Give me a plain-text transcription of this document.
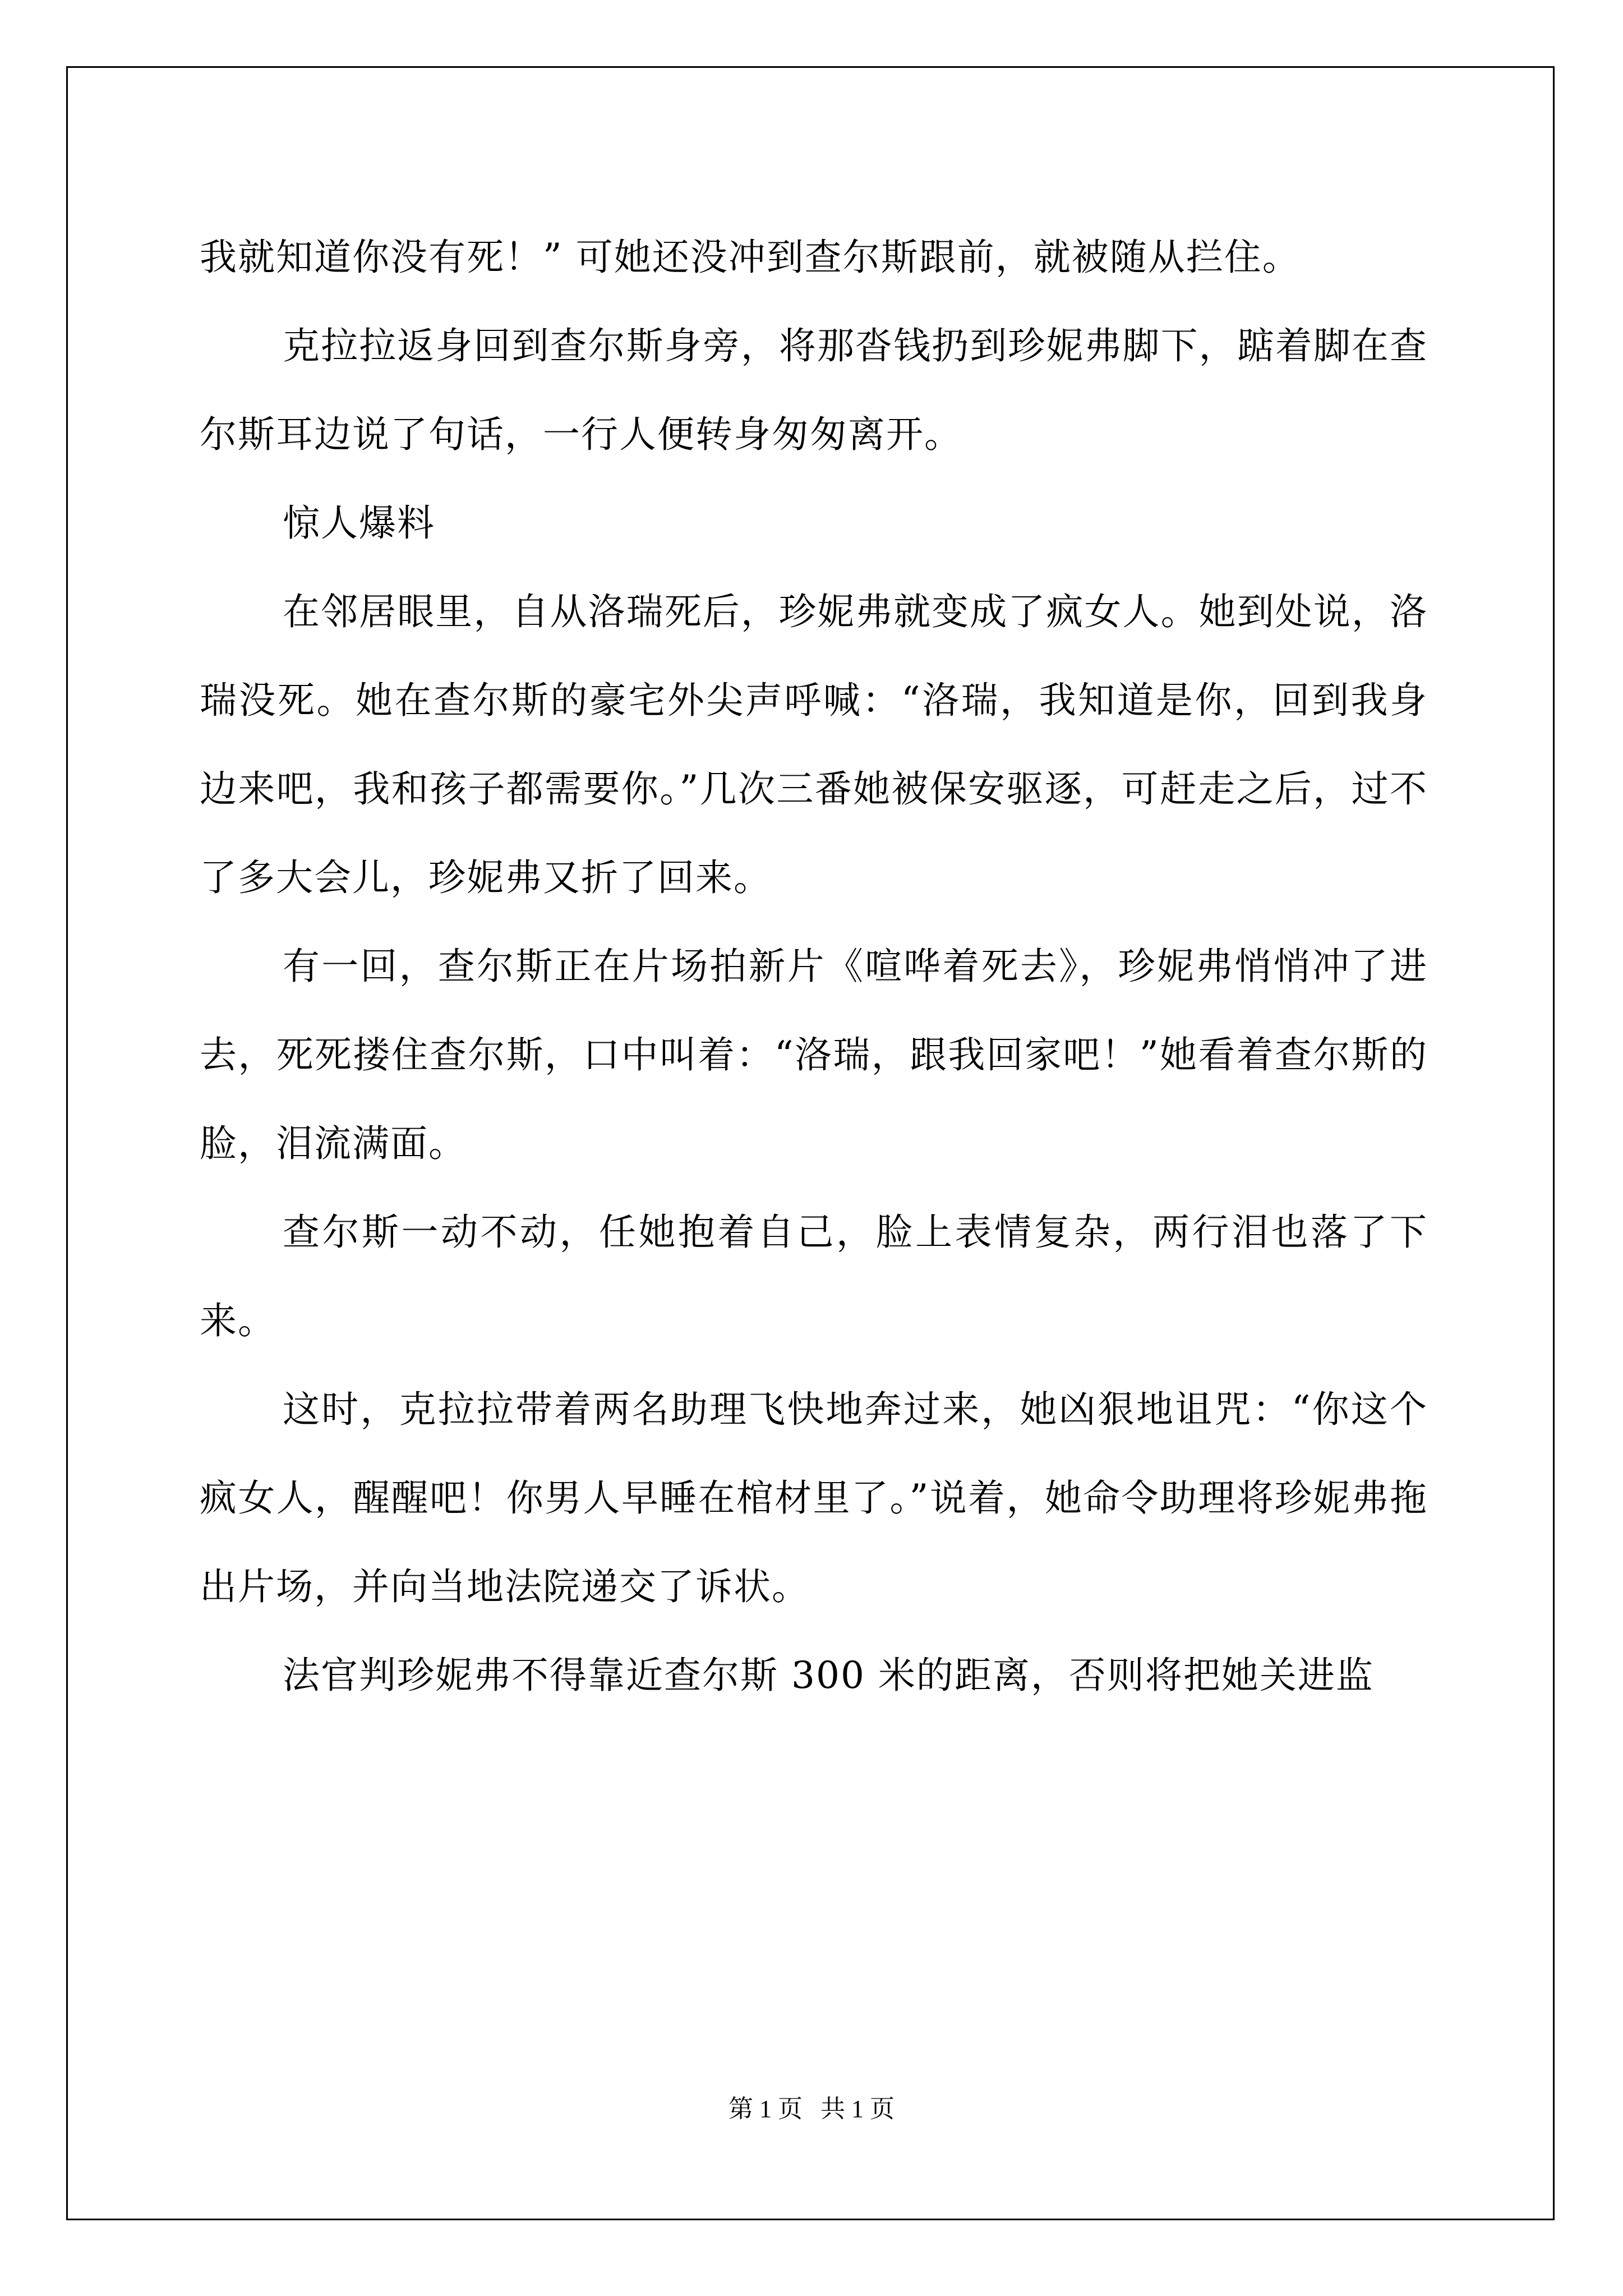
我就知道你没有死！” 可她还没冲到查尔斯跟前，就被随从拦住。

克拉拉返身回到查尔斯身旁，将那沓钱扔到珍妮弗脚下，踮着脚在查尔斯耳边说了句话，一行人便转身匆匆离开。

惊人爆料

在邻居眼里，自从洛瑞死后，珍妮弗就变成了疯女人。她到处说，洛瑞没死。她在查尔斯的豪宅外尖声呼喊：“洛瑞，我知道是你，回到我身边来吧，我和孩子都需要你。”几次三番她被保安驱逐，可赶走之后，过不了多大会儿，珍妮弗又折了回来。

有一回，查尔斯正在片场拍新片《喧哗着死去》，珍妮弗悄悄冲了进去，死死搂住查尔斯，口中叫着：“洛瑞，跟我回家吧！”她看着查尔斯的脸，泪流满面。

查尔斯一动不动，任她抱着自己，脸上表情复杂，两行泪也落了下来。

这时，克拉拉带着两名助理飞快地奔过来，她凶狠地诅咒：“你这个疯女人，醒醒吧！你男人早睡在棺材里了。”说着，她命令助理将珍妮弗拖出片场，并向当地法院递交了诉状。

法官判珍妮弗不得靠近查尔斯 300 米的距离，否则将把她关进监

第 1 页 共 1 页
